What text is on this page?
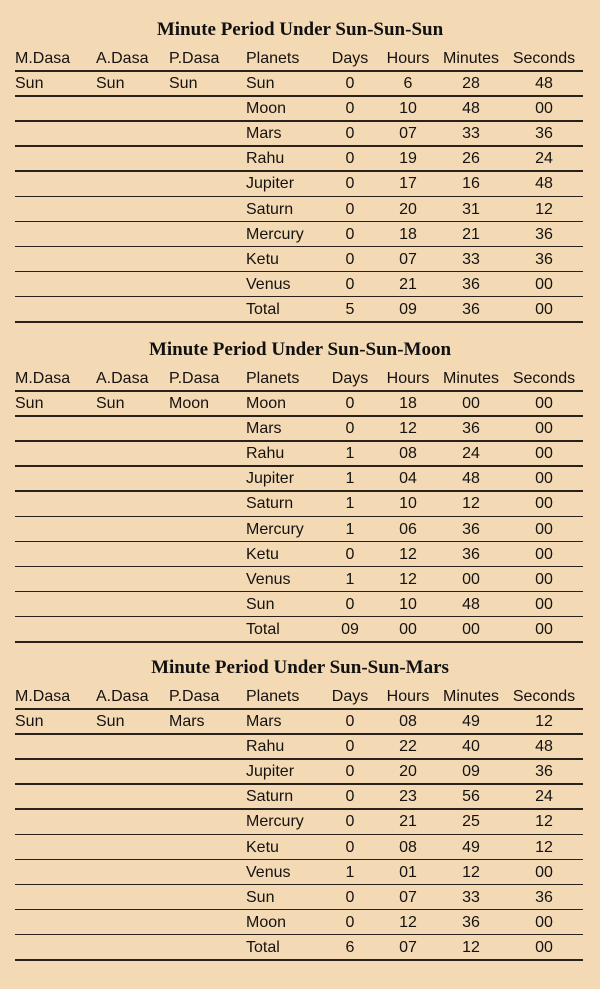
Minute Period Under Sun-Sun-Sun
M.Dasa A.Dasa P.Dasa Planets	Days	Hours Minutes Seconds
Sun	Sun	Sun	Sun	0	6	28	48
Moon	0	10	48	00
Mars	0	07	33	36
Rahu	0	19	26	24
Jupiter	0	17	16	48
Saturn	0	20	31	12
Mercury	0	18	21	36
Ketu	0	07	33	36
Venus	0	21	36	00
Total	5	09	36	00
Minute Period Under Sun-Sun-Moon
M.Dasa A.Dasa P.Dasa Planets	Days	Hours Minutes Seconds
Sun	Sun	Moon Moon	0	18	00	00
Mars	0	12	36	00
Rahu	1	08	24	00
Jupiter	1	04	48	00
Saturn	1	10	12	00
Mercury	1	06	36	00
Ketu	0	12	36	00
Venus	1	12	00	00
Sun	0	10	48	00
Total	09	00	00	00
Minute Period Under Sun-Sun-Mars
M.Dasa A.Dasa P.Dasa Planets	Days	Hours Minutes Seconds
Sun	Sun	Mars	Mars	0	08	49	12
Rahu	0	22	40	48
Jupiter	0	20	09	36
Saturn	0	23	56	24
Mercury	0	21	25	12
Ketu	0	08	49	12
Venus	1	01	12	00
Sun	0	07	33	36
Moon	0	12	36	00
Total	6	07	12	00
